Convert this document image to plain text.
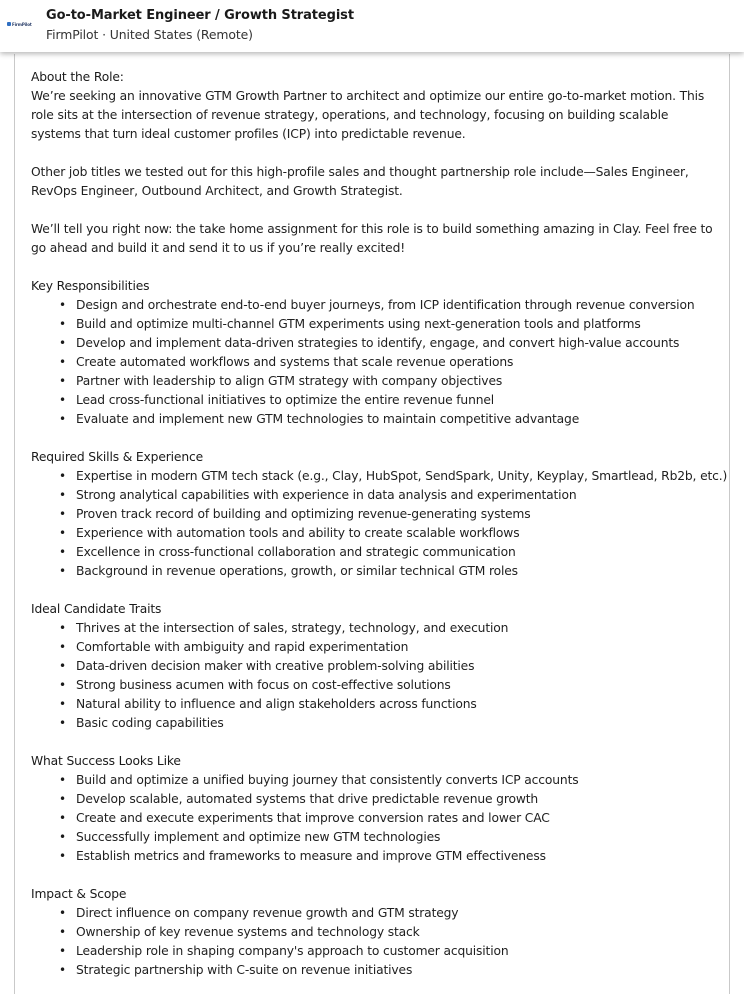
FirmPilot
Go-to-Market Engineer / Growth Strategist
FirmPilot · United States (Remote)

About the Role:

We’re seeking an innovative GTM Growth Partner to architect and optimize our entire go-to-market motion. This role sits at the intersection of revenue strategy, operations, and technology, focusing on building scalable systems that turn ideal customer profiles (ICP) into predictable revenue.

Other job titles we tested out for this high-profile sales and thought partnership role include—Sales Engineer, RevOps Engineer, Outbound Architect, and Growth Strategist.

We’ll tell you right now: the take home assignment for this role is to build something amazing in Clay. Feel free to go ahead and build it and send it to us if you’re really excited!

Key Responsibilities

• Design and orchestrate end-to-end buyer journeys, from ICP identification through revenue conversion
• Build and optimize multi-channel GTM experiments using next-generation tools and platforms
• Develop and implement data-driven strategies to identify, engage, and convert high-value accounts
• Create automated workflows and systems that scale revenue operations
• Partner with leadership to align GTM strategy with company objectives
• Lead cross-functional initiatives to optimize the entire revenue funnel
• Evaluate and implement new GTM technologies to maintain competitive advantage

Required Skills & Experience

• Expertise in modern GTM tech stack (e.g., Clay, HubSpot, SendSpark, Unity, Keyplay, Smartlead, Rb2b, etc.)
• Strong analytical capabilities with experience in data analysis and experimentation
• Proven track record of building and optimizing revenue-generating systems
• Experience with automation tools and ability to create scalable workflows
• Excellence in cross-functional collaboration and strategic communication
• Background in revenue operations, growth, or similar technical GTM roles

Ideal Candidate Traits

• Thrives at the intersection of sales, strategy, technology, and execution
• Comfortable with ambiguity and rapid experimentation
• Data-driven decision maker with creative problem-solving abilities
• Strong business acumen with focus on cost-effective solutions
• Natural ability to influence and align stakeholders across functions
• Basic coding capabilities

What Success Looks Like

• Build and optimize a unified buying journey that consistently converts ICP accounts
• Develop scalable, automated systems that drive predictable revenue growth
• Create and execute experiments that improve conversion rates and lower CAC
• Successfully implement and optimize new GTM technologies
• Establish metrics and frameworks to measure and improve GTM effectiveness

Impact & Scope

• Direct influence on company revenue growth and GTM strategy
• Ownership of key revenue systems and technology stack
• Leadership role in shaping company's approach to customer acquisition
• Strategic partnership with C-suite on revenue initiatives
